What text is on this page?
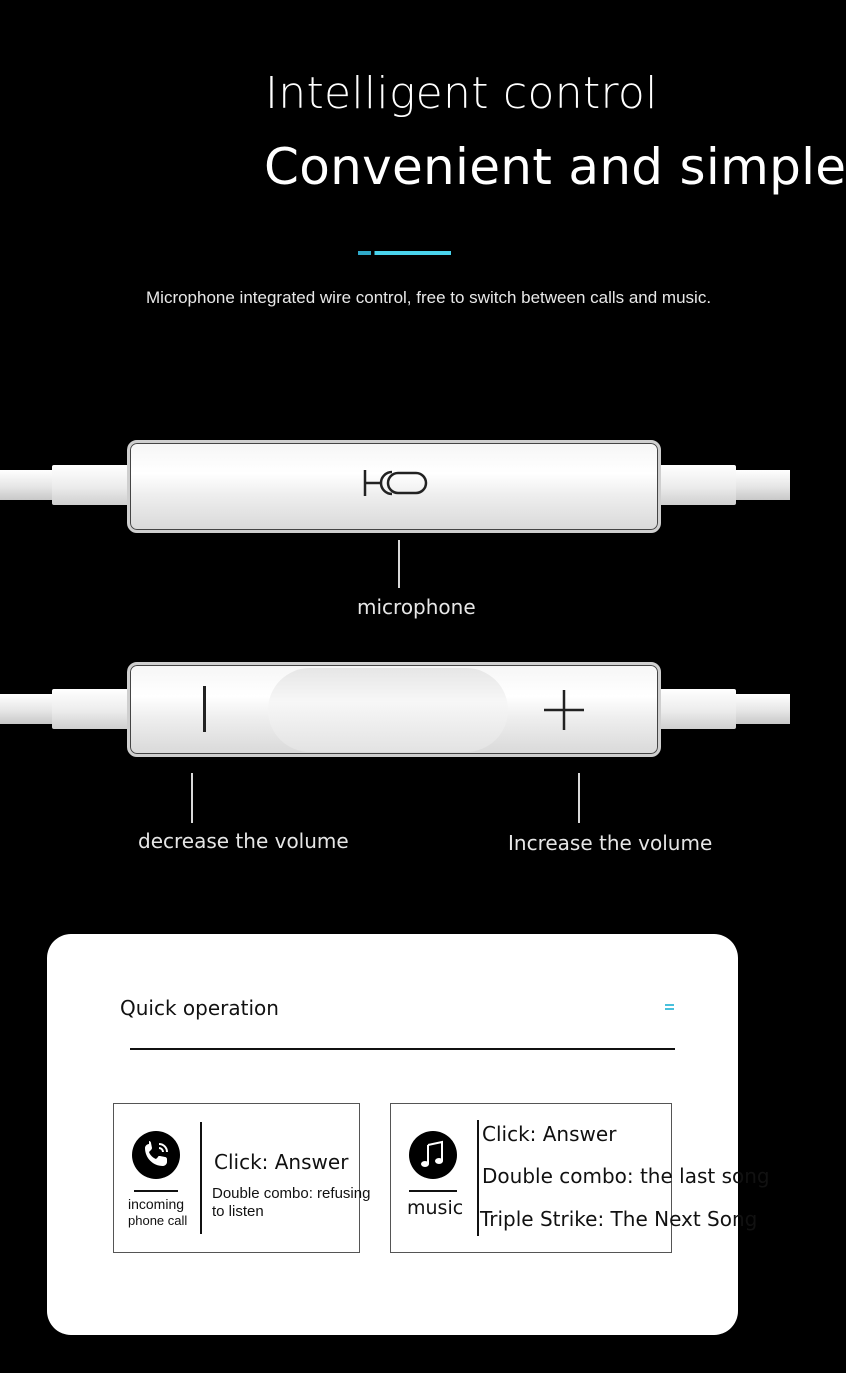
Intelligent control
Convenient and simple
Microphone integrated wire control, free to switch between calls and music.
microphone
decrease the volume	Increase the volume
Quick operation
incoming
phone call
Click: Answer
Double combo: refusing
to listen	music
Click: Answer
Double combo: the last song
Triple Strike: The Next Song
